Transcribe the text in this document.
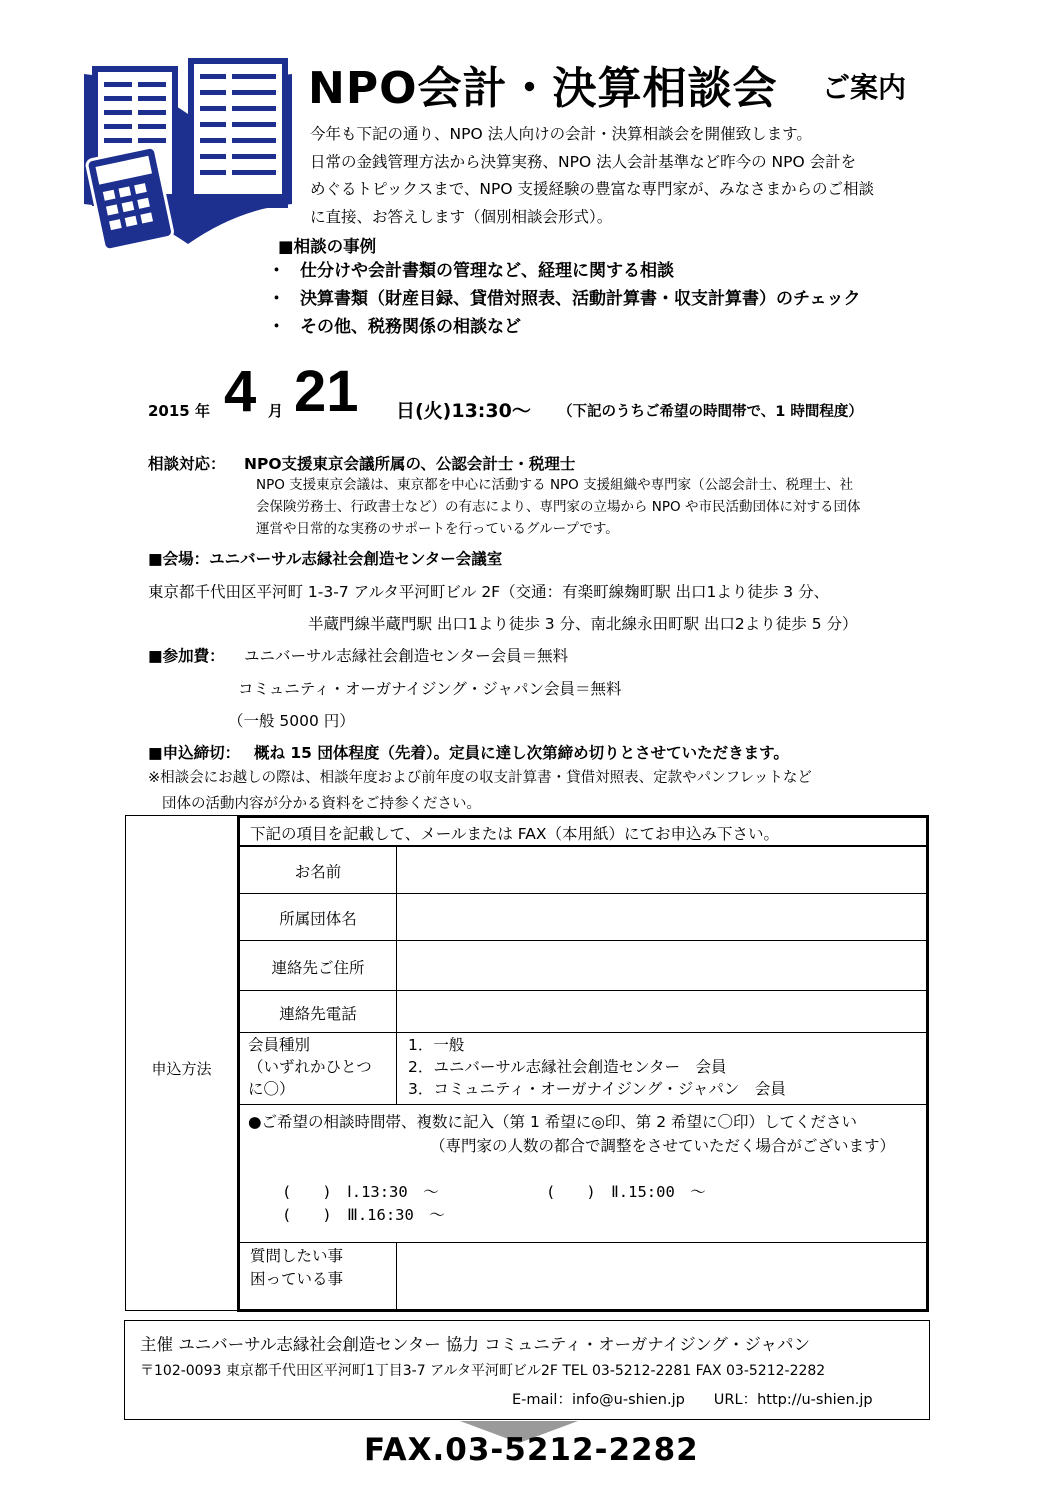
NPO会計・決算相談会 ご案内
今年も下記の通り、NPO 法人向けの会計・決算相談会を開催致します。
日常の金銭管理方法から決算実務、NPO 法人会計基準など昨今の NPO 会計を
めぐるトピックスまで、NPO 支援経験の豊富な専門家が、みなさまからのご相談
に直接、お答えします（個別相談会形式）。
■相談の事例
・ 仕分けや会計書類の管理など、経理に関する相談
・ 決算書類（財産目録、貸借対照表、活動計算書・収支計算書）のチェック
・ その他、税務関係の相談など
2015 年 4 月 21 日(火)13:30～ （下記のうちご希望の時間帯で、1 時間程度）
相談対応： NPO支援東京会議所属の、公認会計士・税理士
NPO 支援東京会議は、東京都を中心に活動する NPO 支援組織や専門家（公認会計士、税理士、社
会保険労務士、行政書士など）の有志により、専門家の立場から NPO や市民活動団体に対する団体
運営や日常的な実務のサポートを行っているグループです。
■会場：ユニバーサル志縁社会創造センター会議室
東京都千代田区平河町 1-3-7 アルタ平河町ビル 2F（交通：有楽町線麹町駅 出口1より徒歩 3 分、
半蔵門線半蔵門駅 出口1より徒歩 3 分、南北線永田町駅 出口2より徒歩 5 分）
■参加費： ユニバーサル志縁社会創造センター会員＝無料
コミュニティ・オーガナイジング・ジャパン会員＝無料
（一般 5000 円）
■申込締切： 概ね 15 団体程度（先着）。定員に達し次第締め切りとさせていただきます。
※相談会にお越しの際は、相談年度および前年度の収支計算書・貸借対照表、定款やパンフレットなど
団体の活動内容が分かる資料をご持参ください。
申込方法
下記の項目を記載して、メールまたは FAX（本用紙）にてお申込み下さい。
お名前
所属団体名
連絡先ご住所
連絡先電話
会員種別
（いずれかひとつ
に〇）
1．一般
2．ユニバーサル志縁社会創造センター　会員
3．コミュニティ・オーガナイジング・ジャパン　会員
●ご希望の相談時間帯、複数に記入（第 1 希望に◎印、第 2 希望に〇印）してください
（専門家の人数の都合で調整をさせていただく場合がございます）
(　　)　Ⅰ.13:30　～	(　　)　Ⅱ.15:00　～
(　　)　Ⅲ.16:30　～
質問したい事
困っている事
主催 ユニバーサル志縁社会創造センター 協力 コミュニティ・オーガナイジング・ジャパン
〒102-0093 東京都千代田区平河町1丁目3-7 アルタ平河町ビル2F TEL 03-5212-2281 FAX 03-5212-2282
E-mail：info@u-shien.jp　　URL：http://u-shien.jp
FAX.03-5212-2282
